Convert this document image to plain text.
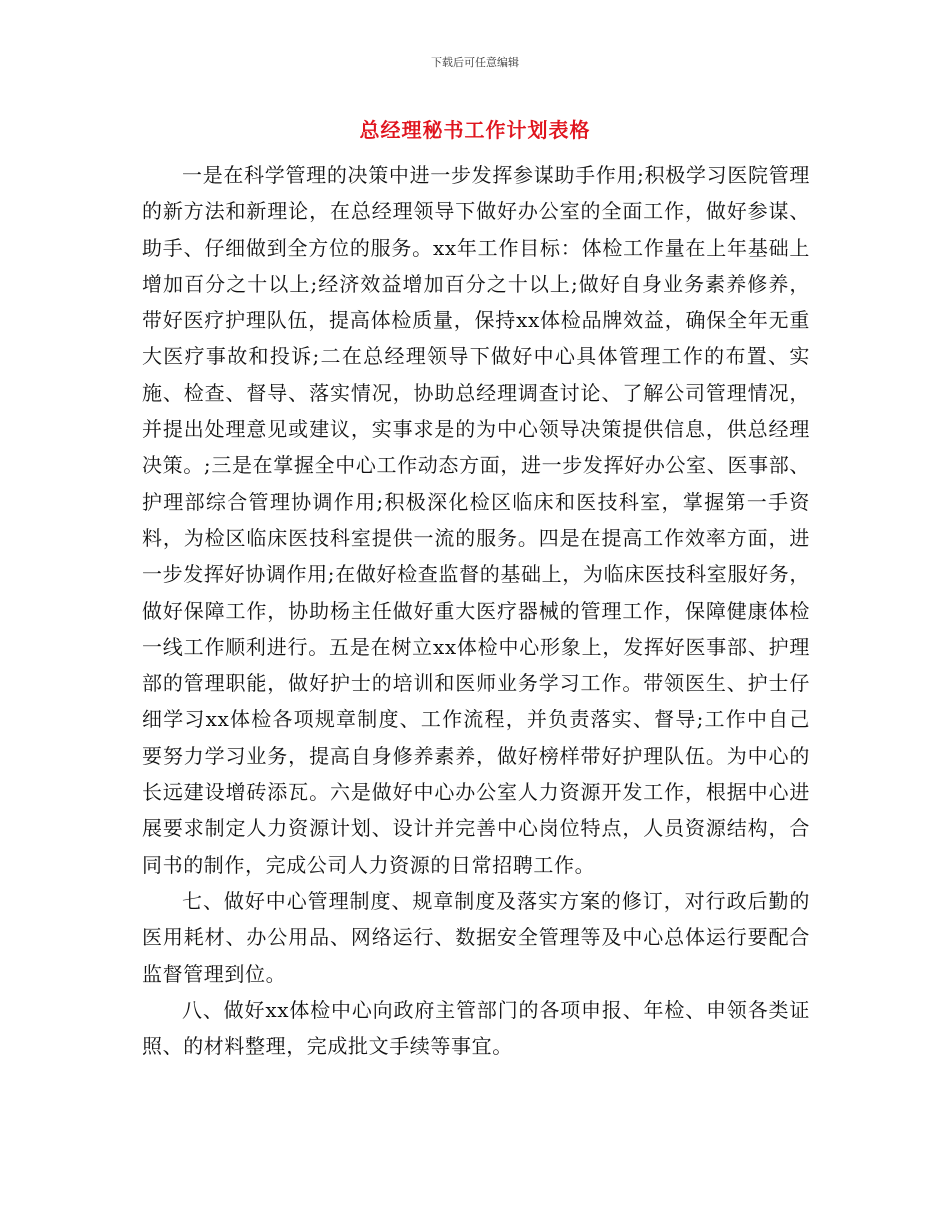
下载后可任意编辑
总经理秘书工作计划表格

一是在科学管理的决策中进一步发挥参谋助手作用;积极学习医院管理的新方法和新理论，在总经理领导下做好办公室的全面工作，做好参谋、助手、仔细做到全方位的服务。xx年工作目标：体检工作量在上年基础上增加百分之十以上;经济效益增加百分之十以上;做好自身业务素养修养，带好医疗护理队伍，提高体检质量，保持xx体检品牌效益，确保全年无重大医疗事故和投诉;二在总经理领导下做好中心具体管理工作的布置、实施、检查、督导、落实情况，协助总经理调查讨论、了解公司管理情况，并提出处理意见或建议，实事求是的为中心领导决策提供信息，供总经理决策。;三是在掌握全中心工作动态方面，进一步发挥好办公室、医事部、护理部综合管理协调作用;积极深化检区临床和医技科室，掌握第一手资料，为检区临床医技科室提供一流的服务。四是在提高工作效率方面，进一步发挥好协调作用;在做好检查监督的基础上，为临床医技科室服好务，做好保障工作，协助杨主任做好重大医疗器械的管理工作，保障健康体检一线工作顺利进行。五是在树立xx体检中心形象上，发挥好医事部、护理部的管理职能，做好护士的培训和医师业务学习工作。带领医生、护士仔细学习xx体检各项规章制度、工作流程，并负责落实、督导;工作中自己要努力学习业务，提高自身修养素养，做好榜样带好护理队伍。为中心的长远建设增砖添瓦。六是做好中心办公室人力资源开发工作，根据中心进展要求制定人力资源计划、设计并完善中心岗位特点，人员资源结构，合同书的制作，完成公司人力资源的日常招聘工作。

七、做好中心管理制度、规章制度及落实方案的修订，对行政后勤的医用耗材、办公用品、网络运行、数据安全管理等及中心总体运行要配合监督管理到位。

八、做好xx体检中心向政府主管部门的各项申报、年检、申领各类证照、的材料整理，完成批文手续等事宜。
